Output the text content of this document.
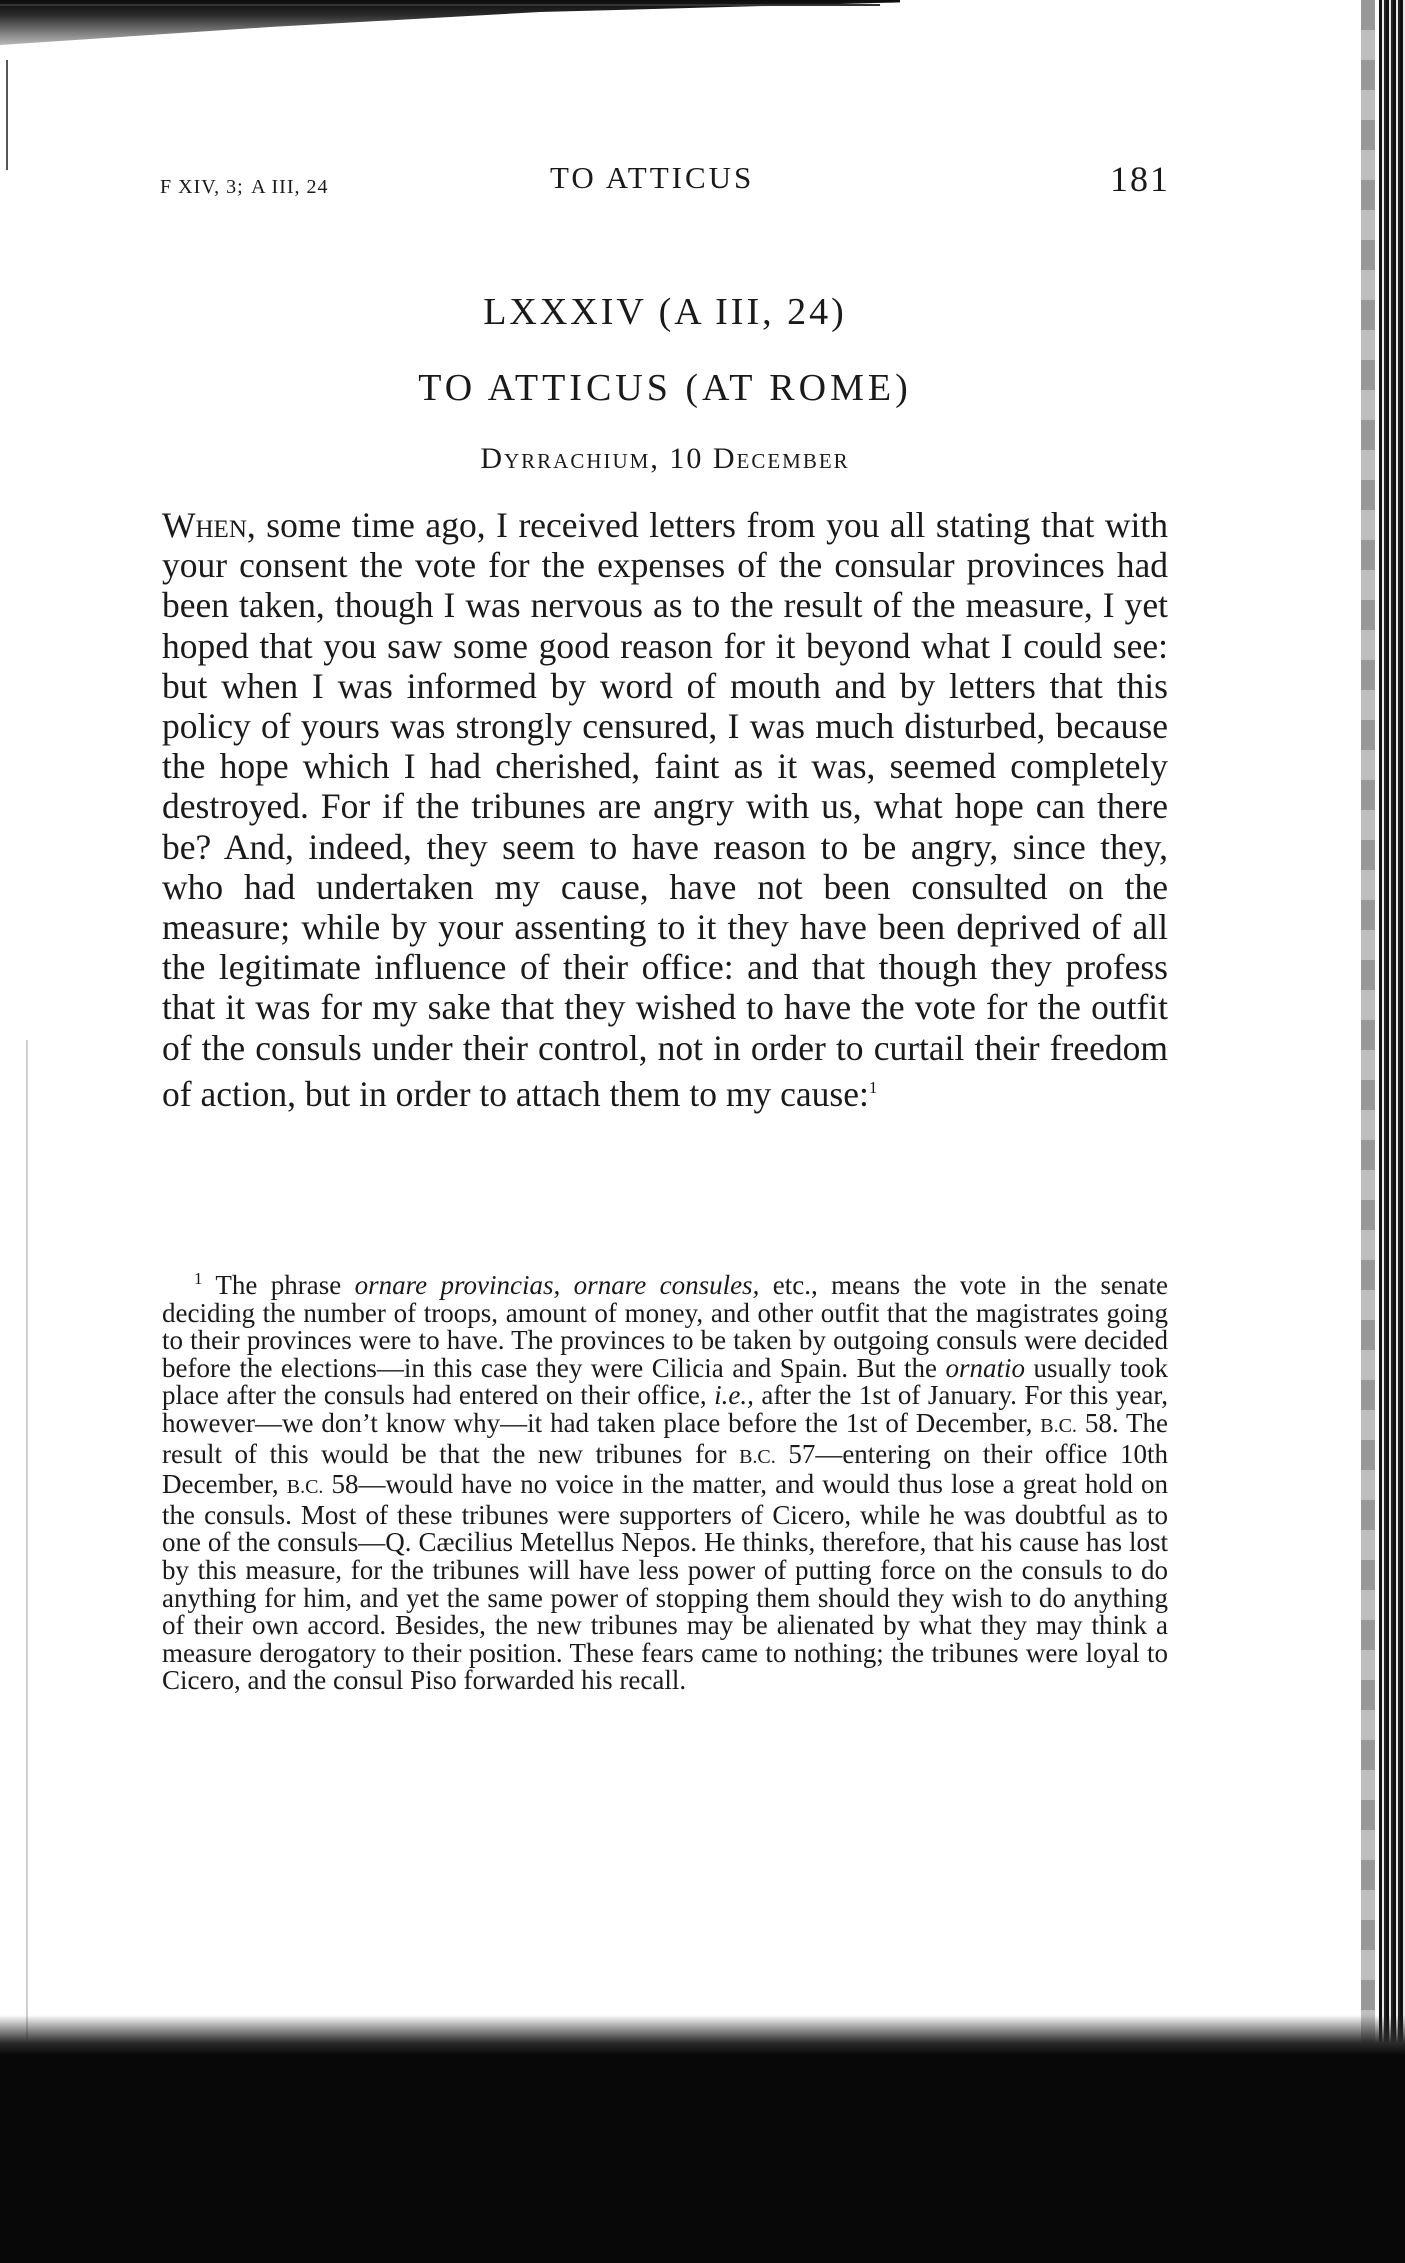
F XIV, 3; A III, 24	TO ATTICUS	181
LXXXIV (A III, 24)
TO ATTICUS (AT ROME)
Dyrrachium, 10 December

When, some time ago, I received letters from you all stating that with your consent the vote for the expenses of the consular provinces had been taken, though I was nervous as to the result of the measure, I yet hoped that you saw some good reason for it beyond what I could see: but when I was informed by word of mouth and by letters that this policy of yours was strongly censured, I was much disturbed, because the hope which I had cherished, faint as it was, seemed completely destroyed. For if the tribunes are angry with us, what hope can there be? And, indeed, they seem to have reason to be angry, since they, who had undertaken my cause, have not been consulted on the measure; while by your assenting to it they have been deprived of all the legitimate influence of their office: and that though they profess that it was for my sake that they wished to have the vote for the outfit of the consuls under their control, not in order to curtail their freedom of action, but in order to attach them to my cause:$^1$

$^1$ The phrase ornare provincias, ornare consules, etc., means the vote in the senate deciding the number of troops, amount of money, and other outfit that the magistrates going to their provinces were to have. The provinces to be taken by outgoing consuls were decided before the elections—in this case they were Cilicia and Spain. But the ornatio usually took place after the consuls had entered on their office, i.e., after the 1st of January. For this year, however—we don’t know why—it had taken place before the 1st of December, B.C. 58. The result of this would be that the new tribunes for B.C. 57—entering on their office 10th December, B.C. 58—would have no voice in the matter, and would thus lose a great hold on the consuls. Most of these tribunes were supporters of Cicero, while he was doubtful as to one of the consuls—Q. Cæcilius Metellus Nepos. He thinks, therefore, that his cause has lost by this measure, for the tribunes will have less power of putting force on the consuls to do anything for him, and yet the same power of stopping them should they wish to do anything of their own accord. Besides, the new tribunes may be alienated by what they may think a measure derogatory to their position. These fears came to nothing; the tribunes were loyal to Cicero, and the consul Piso forwarded his recall.
